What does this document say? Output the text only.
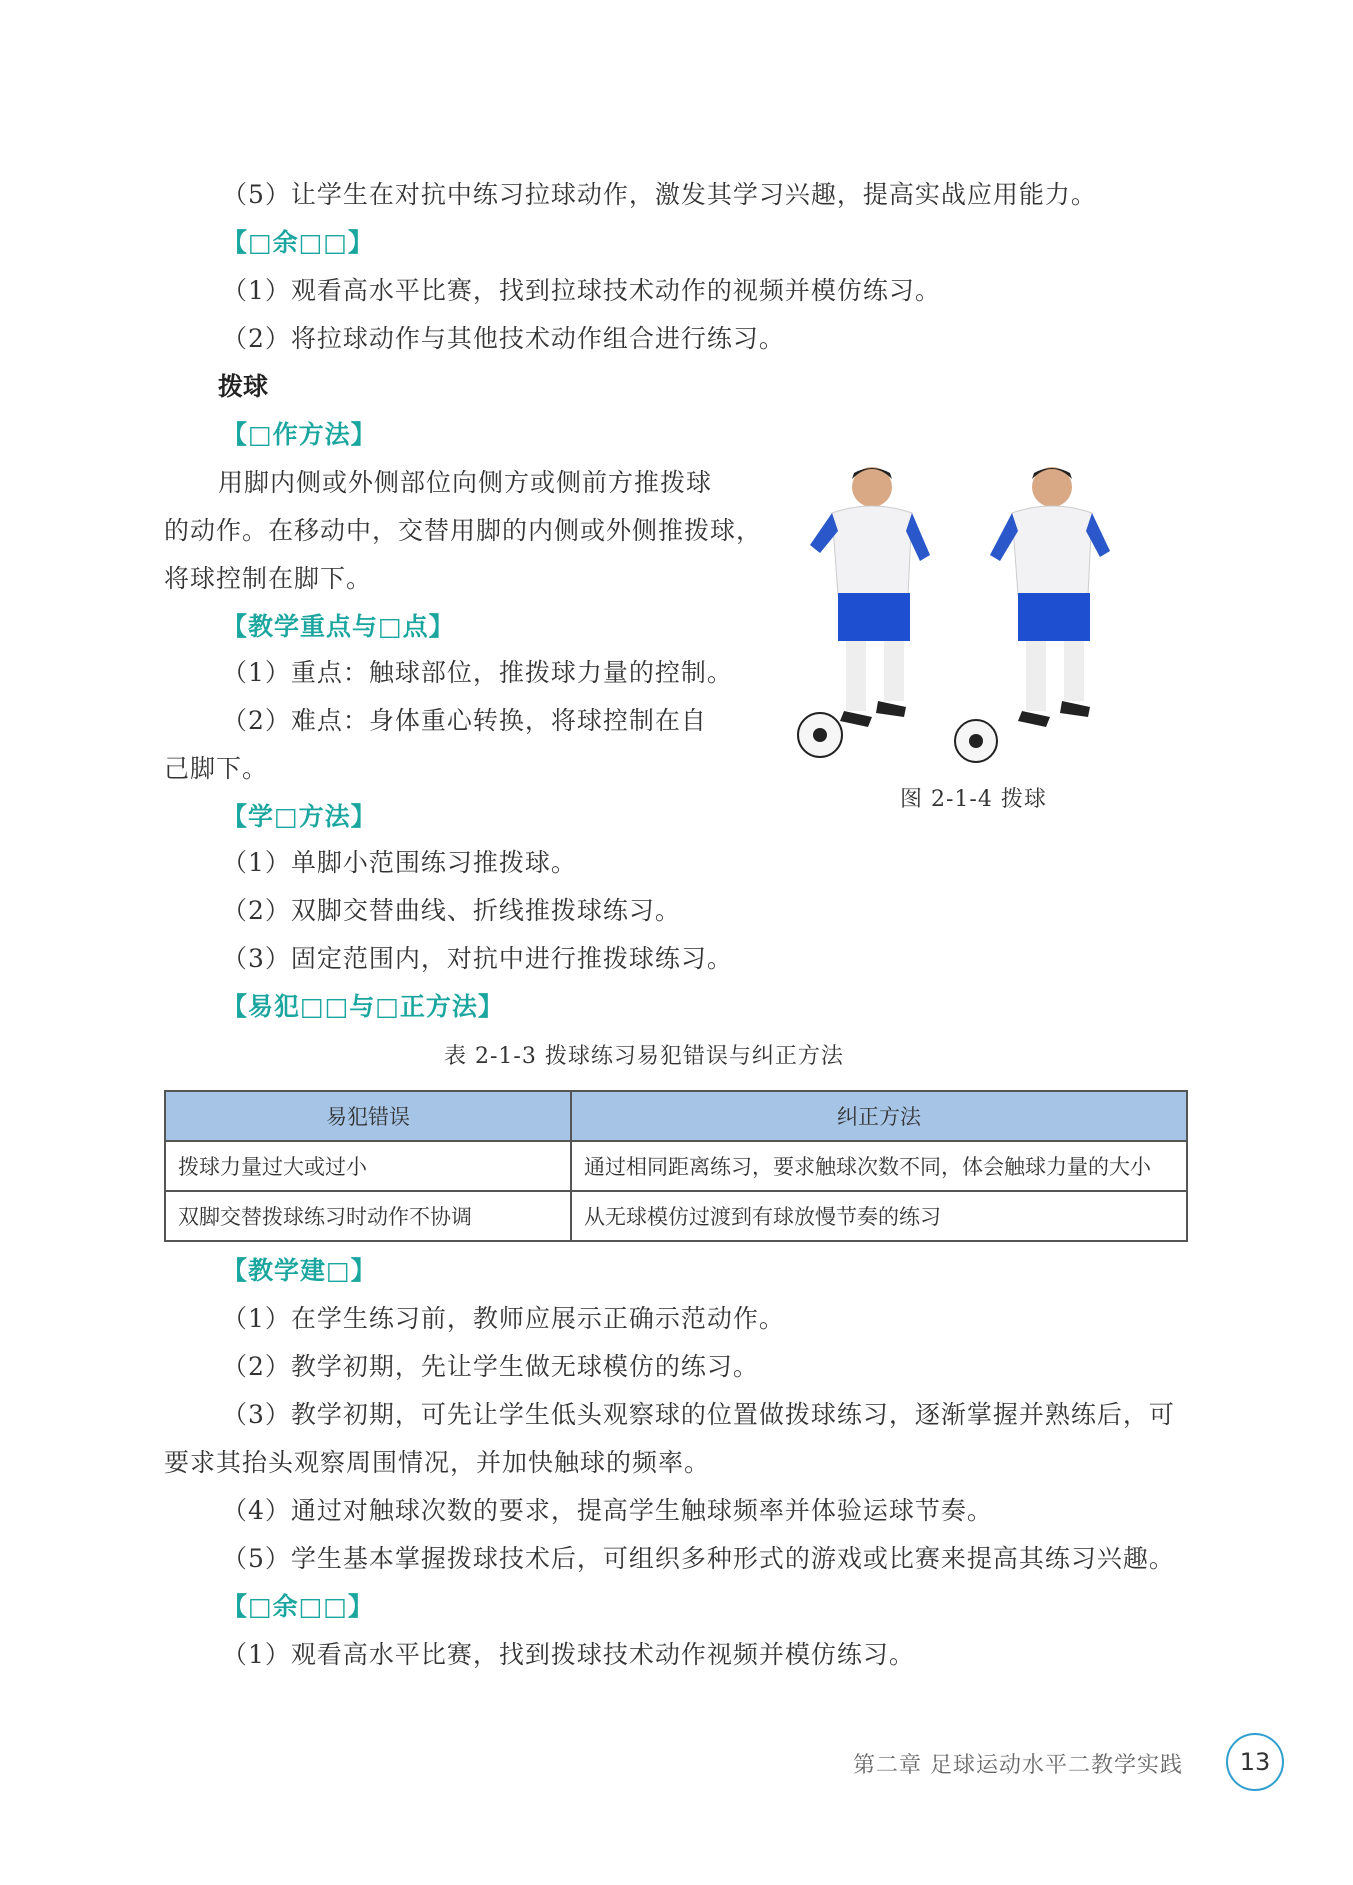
（5）让学生在对抗中练习拉球动作，激发其学习兴趣，提高实战应用能力。
【□余□□】
（1）观看高水平比赛，找到拉球技术动作的视频并模仿练习。
（2）将拉球动作与其他技术动作组合进行练习。
拨球
【□作方法】
用脚内侧或外侧部位向侧方或侧前方推拨球
的动作。在移动中，交替用脚的内侧或外侧推拨球，
将球控制在脚下。
【教学重点与□点】
（1）重点：触球部位，推拨球力量的控制。
（2）难点：身体重心转换，将球控制在自
己脚下。
【学□方法】
（1）单脚小范围练习推拨球。
（2）双脚交替曲线、折线推拨球练习。
（3）固定范围内，对抗中进行推拨球练习。
【易犯□□与□正方法】
图 2-1-4 拨球
表 2-1-3 拨球练习易犯错误与纠正方法
易犯错误	纠正方法
拨球力量过大或过小	通过相同距离练习，要求触球次数不同，体会触球力量的大小
双脚交替拨球练习时动作不协调	从无球模仿过渡到有球放慢节奏的练习
【教学建□】
（1）在学生练习前，教师应展示正确示范动作。
（2）教学初期，先让学生做无球模仿的练习。
（3）教学初期，可先让学生低头观察球的位置做拨球练习，逐渐掌握并熟练后，可
要求其抬头观察周围情况，并加快触球的频率。
（4）通过对触球次数的要求，提高学生触球频率并体验运球节奏。
（5）学生基本掌握拨球技术后，可组织多种形式的游戏或比赛来提高其练习兴趣。
【□余□□】
（1）观看高水平比赛，找到拨球技术动作视频并模仿练习。
第二章 足球运动水平二教学实践	13
